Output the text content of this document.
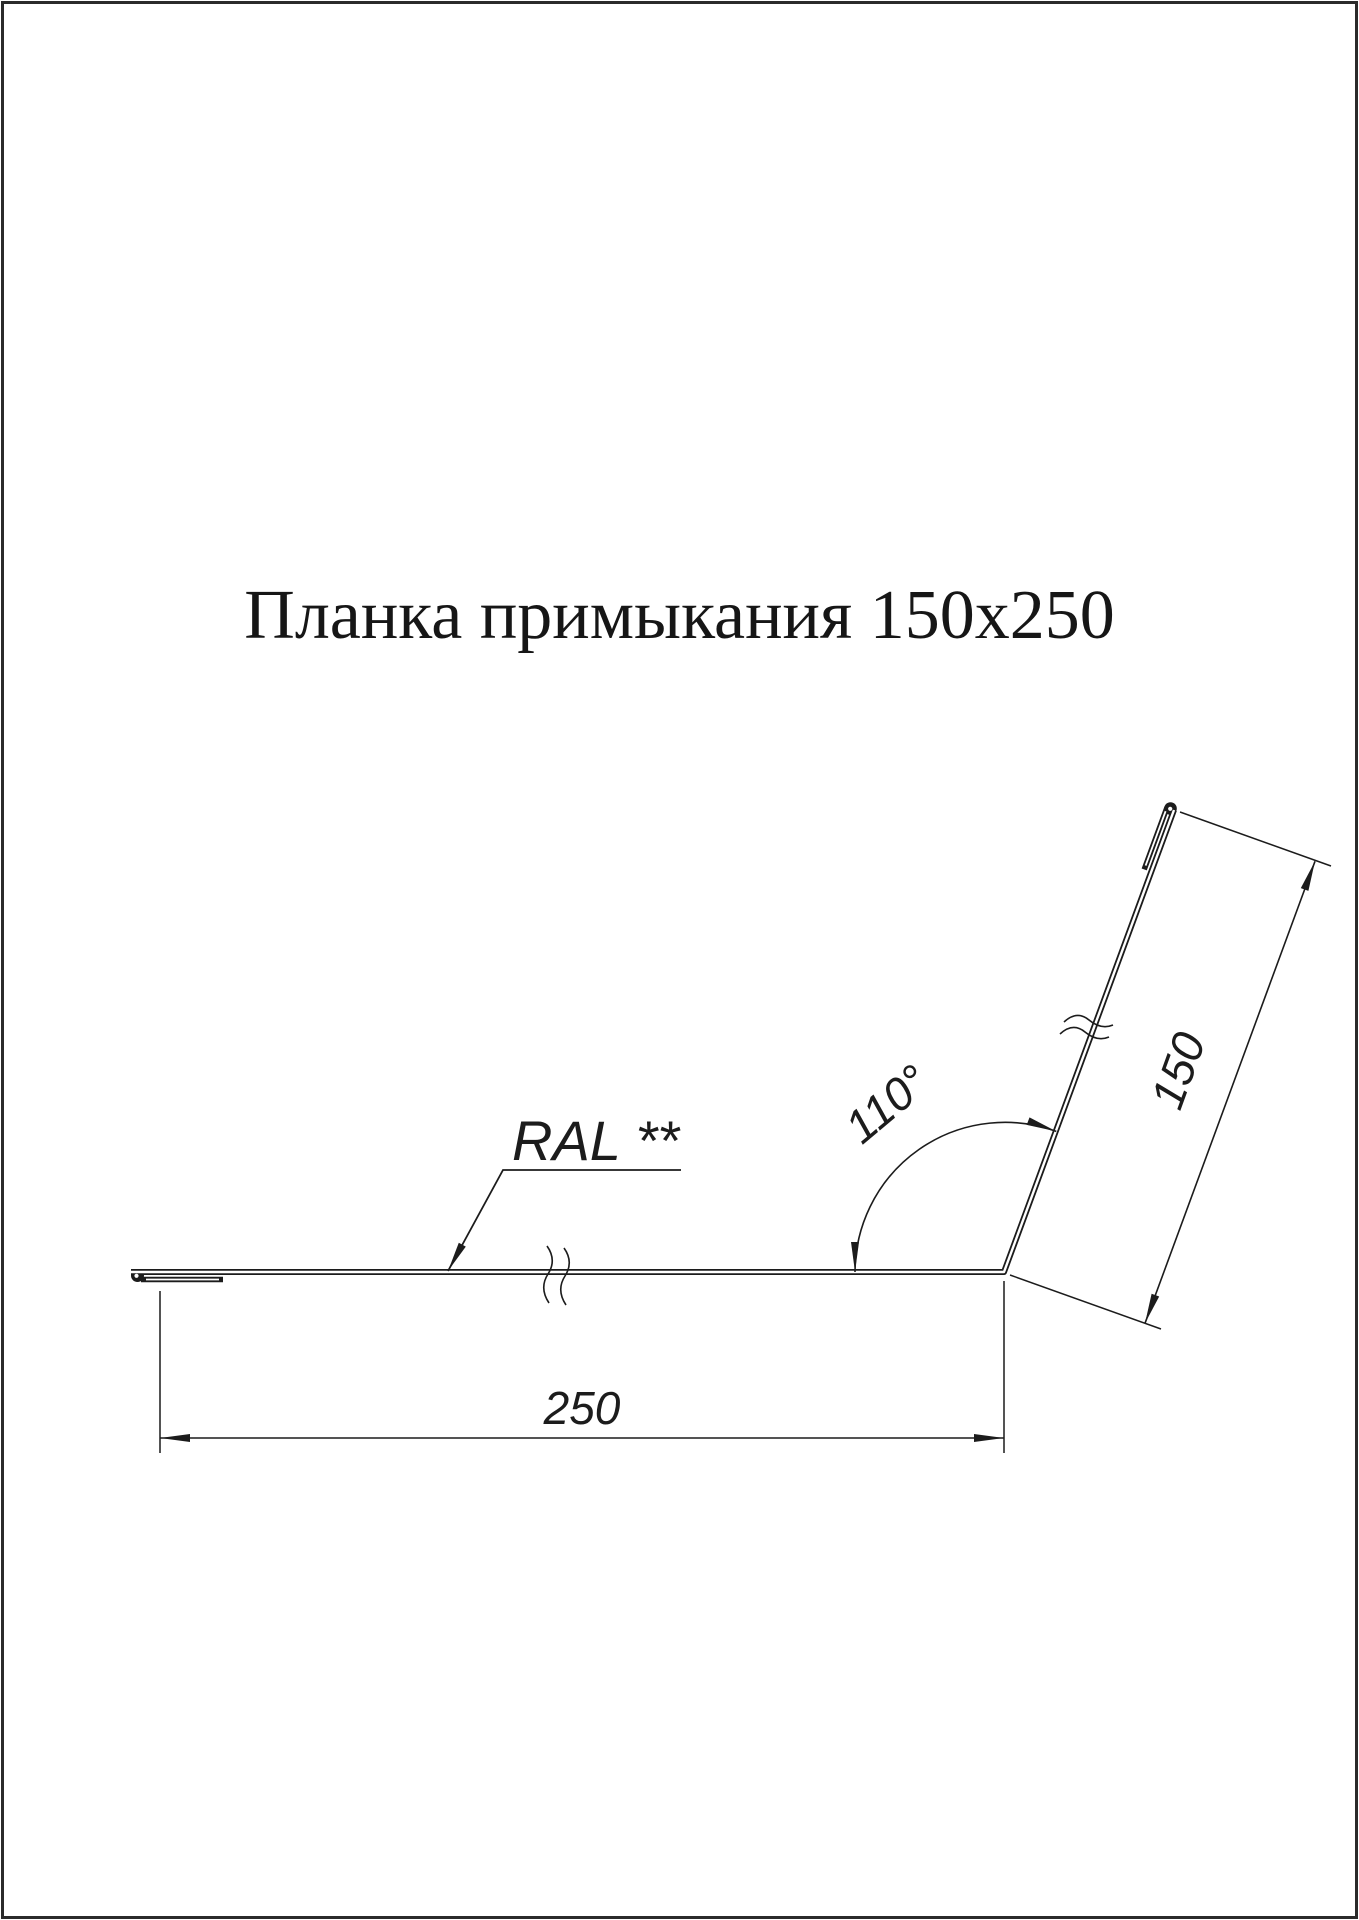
Планка примыкания 150x250
RAL **	110°	150
250
